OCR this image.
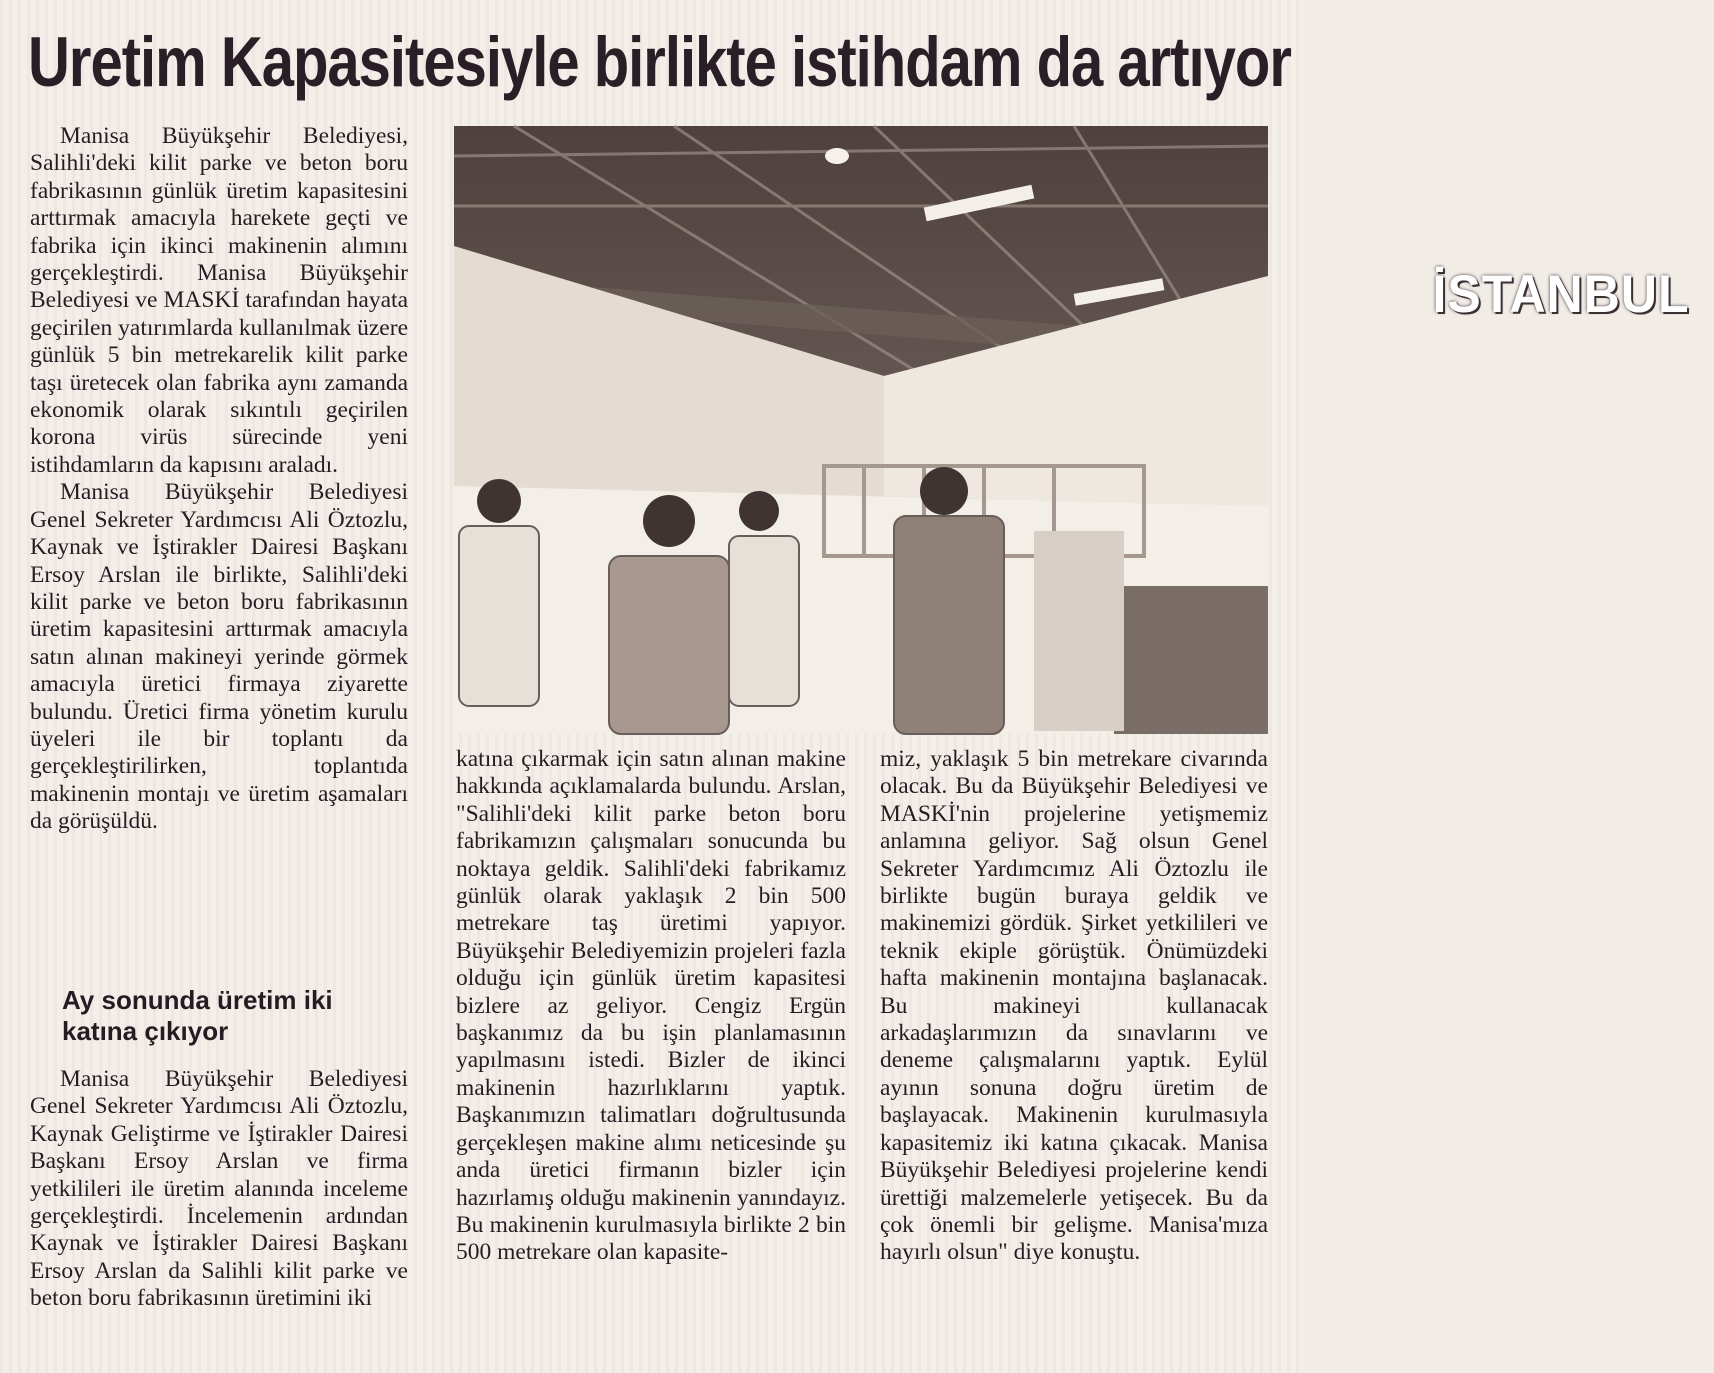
Uretim Kapasitesiyle birlikte istihdam da artıyor

Manisa Büyükşehir Belediyesi, Salihli'deki kilit parke ve beton boru fabrikasının günlük üretim kapasitesini arttırmak amacıyla harekete geçti ve fabrika için ikinci makinenin alımını gerçekleştirdi. Manisa Büyükşehir Belediyesi ve MASKİ tarafından hayata geçirilen yatırımlarda kullanılmak üzere günlük 5 bin metrekarelik kilit parke taşı üretecek olan fabrika aynı zamanda ekonomik olarak sıkıntılı geçirilen korona virüs sürecinde yeni istihdamların da kapısını araladı.

Manisa Büyükşehir Belediyesi Genel Sekreter Yardımcısı Ali Öztozlu, Kaynak ve İştirakler Dairesi Başkanı Ersoy Arslan ile birlikte, Salihli'deki kilit parke ve beton boru fabrikasının üretim kapasitesini arttırmak amacıyla satın alınan makineyi yerinde görmek amacıyla üretici firmaya ziyarette bulundu. Üretici firma yönetim kurulu üyeleri ile bir toplantı da gerçekleştirilirken, toplantıda makinenin montajı ve üretim aşamaları da görüşüldü.

Ay sonunda üretim iki katına çıkıyor

Manisa Büyükşehir Belediyesi Genel Sekreter Yardımcısı Ali Öztozlu, Kaynak Geliştirme ve İştirakler Dairesi Başkanı Ersoy Arslan ve firma yetkilileri ile üretim alanında inceleme gerçekleştirdi. İncelemenin ardından Kaynak ve İştirakler Dairesi Başkanı Ersoy Arslan da Salihli kilit parke ve beton boru fabrikasının üretimini iki

İSTANBUL

katına çıkarmak için satın alınan makine hakkında açıklamalarda bulundu. Arslan, "Salihli'deki kilit parke beton boru fabrikamızın çalışmaları sonucunda bu noktaya geldik. Salihli'deki fabrikamız günlük olarak yaklaşık 2 bin 500 metrekare taş üretimi yapıyor. Büyükşehir Belediyemizin projeleri fazla olduğu için günlük üretim kapasitesi bizlere az geliyor. Cengiz Ergün başkanımız da bu işin planlamasının yapılmasını istedi. Bizler de ikinci makinenin hazırlıklarını yaptık. Başkanımızın talimatları doğrultusunda gerçekleşen makine alımı neticesinde şu anda üretici firmanın bizler için hazırlamış olduğu makinenin yanındayız. Bu makinenin kurulmasıyla birlikte 2 bin 500 metrekare olan kapasite-

miz, yaklaşık 5 bin metrekare civarında olacak. Bu da Büyükşehir Belediyesi ve MASKİ'nin projelerine yetişmemiz anlamına geliyor. Sağ olsun Genel Sekreter Yardımcımız Ali Öztozlu ile birlikte bugün buraya geldik ve makinemizi gördük. Şirket yetkilileri ve teknik ekiple görüştük. Önümüzdeki hafta makinenin montajına başlanacak. Bu makineyi kullanacak arkadaşlarımızın da sınavlarını ve deneme çalışmalarını yaptık. Eylül ayının sonuna doğru üretim de başlayacak. Makinenin kurulmasıyla kapasitemiz iki katına çıkacak. Manisa Büyükşehir Belediyesi projelerine kendi ürettiği malzemelerle yetişecek. Bu da çok önemli bir gelişme. Manisa'mıza hayırlı olsun" diye konuştu.
